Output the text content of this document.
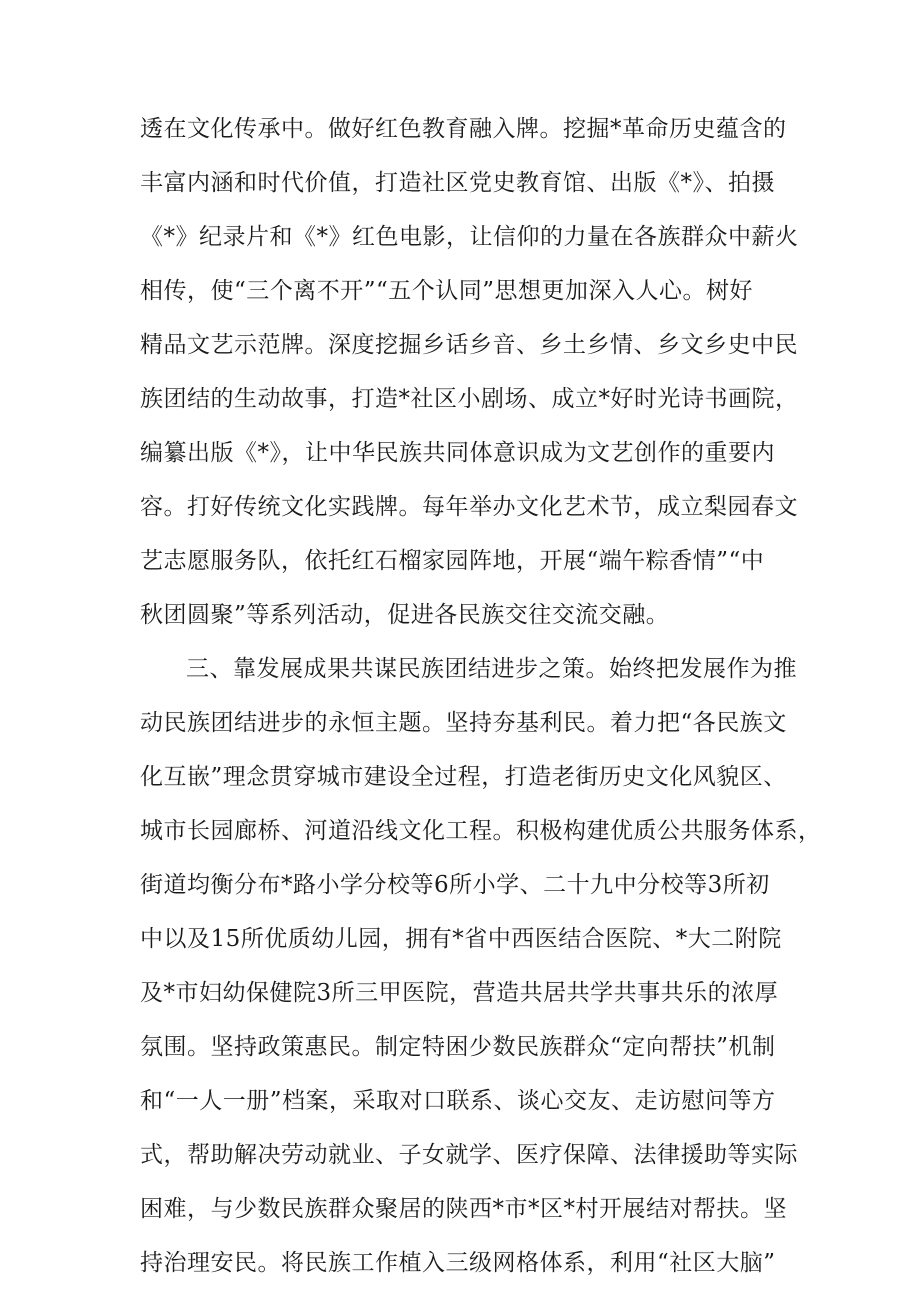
透在文化传承中。做好红色教育融入牌。挖掘*革命历史蕴含的
丰富内涵和时代价值，打造社区党史教育馆、出版《*》、拍摄
《*》纪录片和《*》红色电影，让信仰的力量在各族群众中薪火
相传，使“三个离不开”“五个认同”思想更加深入人心。树好
精品文艺示范牌。深度挖掘乡话乡音、乡土乡情、乡文乡史中民
族团结的生动故事，打造*社区小剧场、成立*好时光诗书画院，
编纂出版《*》，让中华民族共同体意识成为文艺创作的重要内
容。打好传统文化实践牌。每年举办文化艺术节，成立梨园春文
艺志愿服务队，依托红石榴家园阵地，开展“端午粽香情”“中
秋团圆聚”等系列活动，促进各民族交往交流交融。
三、靠发展成果共谋民族团结进步之策。始终把发展作为推
动民族团结进步的永恒主题。坚持夯基利民。着力把“各民族文
化互嵌”理念贯穿城市建设全过程，打造老街历史文化风貌区、
城市长园廊桥、河道沿线文化工程。积极构建优质公共服务体系，
街道均衡分布*路小学分校等6所小学、二十九中分校等3所初
中以及15所优质幼儿园，拥有*省中西医结合医院、*大二附院
及*市妇幼保健院3所三甲医院，营造共居共学共事共乐的浓厚
氛围。坚持政策惠民。制定特困少数民族群众“定向帮扶”机制
和“一人一册”档案，采取对口联系、谈心交友、走访慰问等方
式，帮助解决劳动就业、子女就学、医疗保障、法律援助等实际
困难，与少数民族群众聚居的陕西*市*区*村开展结对帮扶。坚
持治理安民。将民族工作植入三级网格体系，利用“社区大脑”
